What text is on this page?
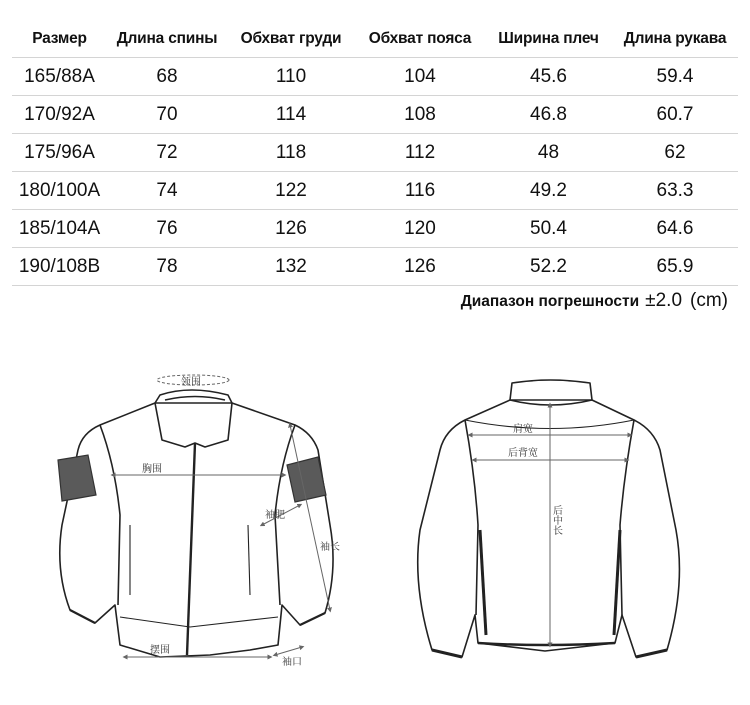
Размер	Длина спины	Обхват груди	Обхват пояса	Ширина плеч	Длина рукава
165/88A	68	110	104	45.6	59.4
170/92A	70	114	108	46.8	60.7
175/96A	72	118	112	48	62
180/100A	74	122	116	49.2	63.3
185/104A	76	126	120	50.4	64.6
190/108B	78	132	126	52.2	65.9
Диапазон погрешности ±2.0 (cm)
领围
胸围
袖肥
袖长
摆围
袖口
肩宽
后背宽
后中长
